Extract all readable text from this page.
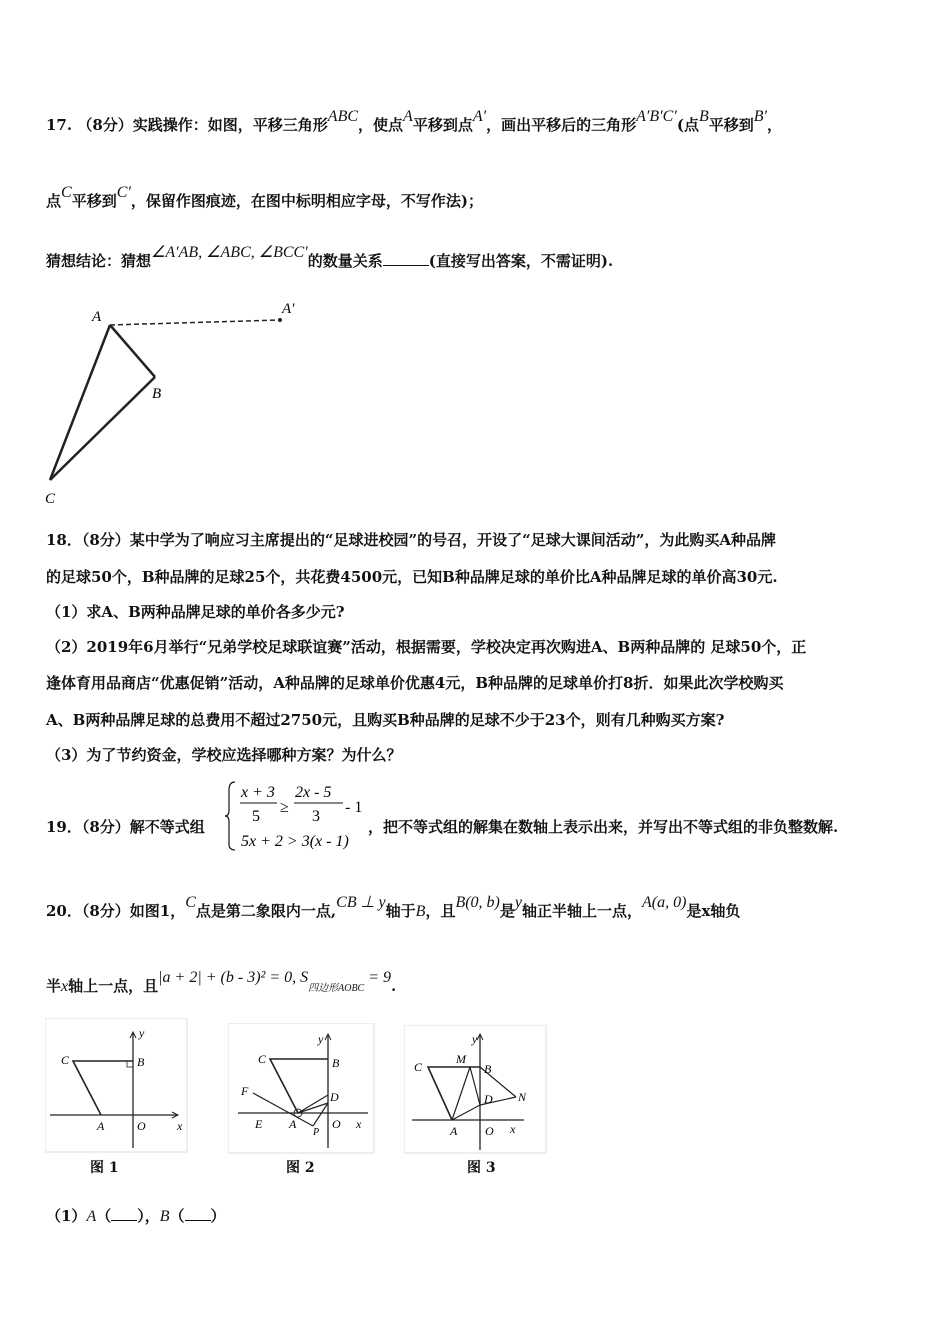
17. （8分）实践操作：如图，平移三角形ABC，使点A平移到点A′，画出平移后的三角形A′B′C′(点B平移到B′，
点C平移到C′，保留作图痕迹，在图中标明相应字母，不写作法)；
猜想结论：猜想∠A′AB, ∠ABC, ∠BCC′的数量关系	(直接写出答案，不需证明).
A	A′
B
C
18．（8分）某中学为了响应习主席提出的“足球进校园”的号召，开设了“足球大课间活动”，为此购买A种品牌
的足球50个，B种品牌的足球25个，共花费4500元，已知B种品牌足球的单价比A种品牌足球的单价高30元.
（1）求A、B两种品牌足球的单价各多少元?
（2）2019年6月举行“兄弟学校足球联谊赛”活动，根据需要，学校决定再次购进A、B两种品牌的 足球50个，正
逢体育用品商店“优惠促销”活动，A种品牌的足球单价优惠4元，B种品牌的足球单价打8折．如果此次学校购买
A、B两种品牌足球的总费用不超过2750元，且购买B种品牌的足球不少于23个，则有几种购买方案?
（3）为了节约资金，学校应选择哪种方案？为什么？
19．（8分）解不等式组
x + 3
5
≥
2x - 5
3
- 1
5x + 2 > 3(x - 1)
，把不等式组的解集在数轴上表示出来，并写出不等式组的非负整数解.
20．（8分）如图1，C点是第二象限内一点,CB ⊥ y轴于B，且B(0, b)是y轴正半轴上一点，A(a, 0)是x轴负
半x轴上一点，且|a + 2| + (b - 3)² = 0, S四边形AOBC = 9.
C	B
y
A	O	x
图 1
C	B
y
F	D
E A
P
O x
图 2
C
M
B
y
D N
A O x
图 3
（1）A（ ），B（ ）
